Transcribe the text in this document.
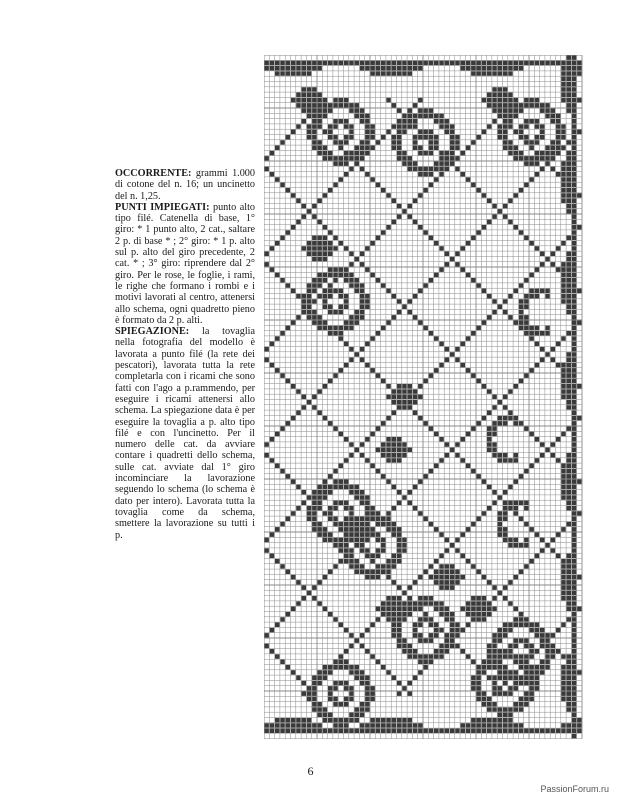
OCCORRENTE: grammi 1.000 di cotone del n. 16; un uncinetto del n. 1,25.

PUNTI IMPIEGATI: punto alto tipo filé. Catenella di base, 1° giro: * 1 punto alto, 2 cat., saltare 2 p. di base * ; 2° giro: * 1 p. alto sul p. alto del giro precedente, 2 cat. * ; 3° giro: riprendere dal 2° giro. Per le rose, le foglie, i rami, le righe che formano i rombi e i motivi lavorati al centro, attenersi allo schema, ogni quadretto pieno è formato da 2 p. alti.

SPIEGAZIONE: la tovaglia nella fotografia del modello è lavorata a punto filé (la rete dei pescatori), lavorata tutta la rete completarla con i ricami che sono fatti con l'ago a p.rammendo, per eseguire i ricami attenersi allo schema. La spiegazione data è per eseguire la tovaglia a p. alto tipo filé e con l'uncinetto. Per il numero delle cat. da avviare contare i quadretti dello schema, sulle cat. avviate dal 1° giro incominciare la lavorazione seguendo lo schema (lo schema è dato per intero). Lavorata tutta la tovaglia come da schema, smettere la lavorazione su tutti i p.

6
PassionForum.ru
